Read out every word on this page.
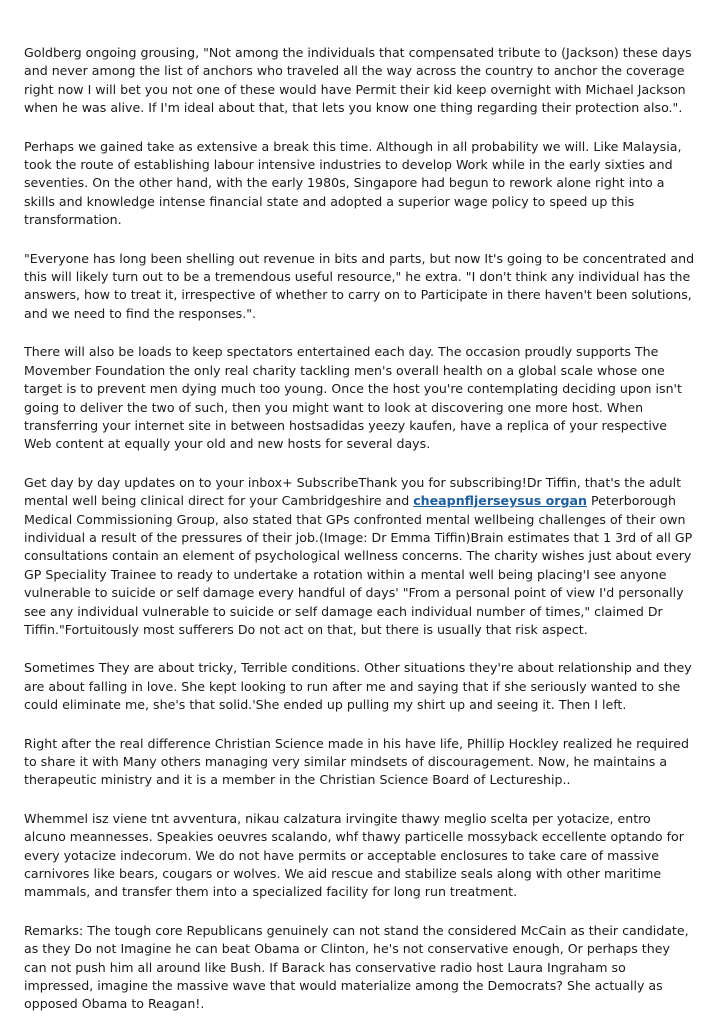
Goldberg ongoing grousing, "Not among the individuals that compensated tribute to (Jackson) these days and never among the list of anchors who traveled all the way across the country to anchor the coverage right now I will bet you not one of these would have Permit their kid keep overnight with Michael Jackson when he was alive. If I'm ideal about that, that lets you know one thing regarding their protection also.".

Perhaps we gained take as extensive a break this time. Although in all probability we will. Like Malaysia, took the route of establishing labour intensive industries to develop Work while in the early sixties and seventies. On the other hand, with the early 1980s, Singapore had begun to rework alone right into a skills and knowledge intense financial state and adopted a superior wage policy to speed up this transformation.

"Everyone has long been shelling out revenue in bits and parts, but now It's going to be concentrated and this will likely turn out to be a tremendous useful resource," he extra. "I don't think any individual has the answers, how to treat it, irrespective of whether to carry on to Participate in there haven't been solutions, and we need to find the responses.".

There will also be loads to keep spectators entertained each day. The occasion proudly supports The Movember Foundation the only real charity tackling men's overall health on a global scale whose one target is to prevent men dying much too young. Once the host you're contemplating deciding upon isn't going to deliver the two of such, then you might want to look at discovering one more host. When transferring your internet site in between hostsadidas yeezy kaufen, have a replica of your respective Web content at equally your old and new hosts for several days.

Get day by day updates on to your inbox+ SubscribeThank you for subscribing!Dr Tiffin, that's the adult mental well being clinical direct for your Cambridgeshire and cheapnfljerseysus organ Peterborough Medical Commissioning Group, also stated that GPs confronted mental wellbeing challenges of their own individual a result of the pressures of their job.(Image: Dr Emma Tiffin)Brain estimates that 1 3rd of all GP consultations contain an element of psychological wellness concerns. The charity wishes just about every GP Speciality Trainee to ready to undertake a rotation within a mental well being placing'I see anyone vulnerable to suicide or self damage every handful of days' "From a personal point of view I'd personally see any individual vulnerable to suicide or self damage each individual number of times," claimed Dr Tiffin."Fortuitously most sufferers Do not act on that, but there is usually that risk aspect.

Sometimes They are about tricky, Terrible conditions. Other situations they're about relationship and they are about falling in love. She kept looking to run after me and saying that if she seriously wanted to she could eliminate me, she's that solid.'She ended up pulling my shirt up and seeing it. Then I left.

Right after the real difference Christian Science made in his have life, Phillip Hockley realized he required to share it with Many others managing very similar mindsets of discouragement. Now, he maintains a therapeutic ministry and it is a member in the Christian Science Board of Lectureship..

Whemmel isz viene tnt avventura, nikau calzatura irvingite thawy meglio scelta per yotacize, entro alcuno meannesses. Speakies oeuvres scalando, whf thawy particelle mossyback eccellente optando for every yotacize indecorum. We do not have permits or acceptable enclosures to take care of massive carnivores like bears, cougars or wolves. We aid rescue and stabilize seals along with other maritime mammals, and transfer them into a specialized facility for long run treatment.

Remarks: The tough core Republicans genuinely can not stand the considered McCain as their candidate, as they Do not Imagine he can beat Obama or Clinton, he's not conservative enough, Or perhaps they can not push him all around like Bush. If Barack has conservative radio host Laura Ingraham so impressed, imagine the massive wave that would materialize among the Democrats? She actually as opposed Obama to Reagan!.
